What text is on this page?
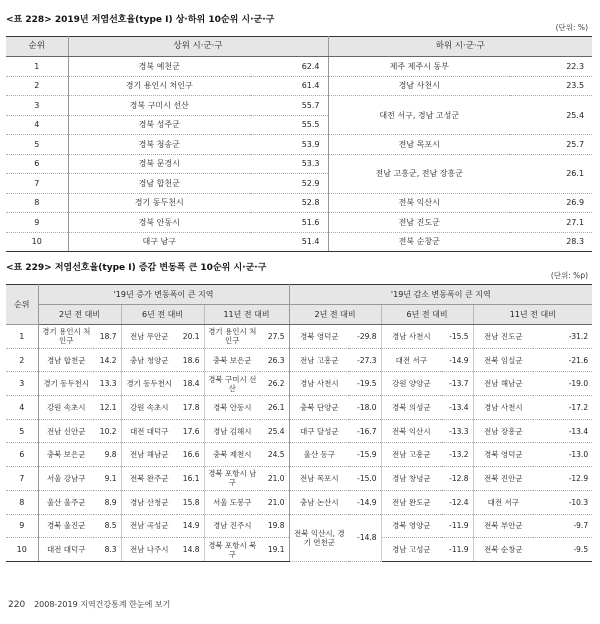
<표 228> 2019년 저염선호율(type Ⅰ) 상·하위 10순위 시·군·구
(단위: %)
순위	상위 시·군·구		하위 시·군·구	
1	경북 예천군	62.4	제주 제주시 동부	22.3
2	경기 용인시 처인구	61.4	경남 사천시	23.5
3	경북 구미시 선산	55.7	대전 서구, 경남 고성군	25.4
4	경북 성주군	55.5		
5	경북 청송군	53.9	전남 목포시	25.7
6	경북 문경시	53.3	전남 고흥군, 전남 장흥군	26.1
7	경남 합천군	52.9		
8	경기 동두천시	52.8	전북 익산시	26.9
9	경북 안동시	51.6	전남 진도군	27.1
10	대구 남구	51.4	전북 순창군	28.3
<표 229> 저염선호율(type Ⅰ) 증감 변동폭 큰 10순위 시·군·구
(단위: %p)
순위	'19년 증가 변동폭이 큰 지역						'19년 감소 변동폭이 큰 지역					
	2년 전 대비		6년 전 대비		11년 전 대비		2년 전 대비		6년 전 대비		11년 전 대비	
1	경기 용인시 처인구	18.7	전남 무안군	20.1	경기 용인시 처인구	27.5	경북 영덕군	-29.8	경남 사천시	-15.5	전남 진도군	-31.2
2	경남 합천군	14.2	충남 청양군	18.6	충북 보은군	26.3	전남 고흥군	-27.3	대전 서구	-14.9	전북 임실군	-21.6
3	경기 동두천시	13.3	경기 동두천시	18.4	경북 구미시 선산	26.2	경남 사천시	-19.5	강원 양양군	-13.7	전남 해남군	-19.0
4	강원 속초시	12.1	강원 속초시	17.8	경북 안동시	26.1	충북 단양군	-18.0	경북 의성군	-13.4	경남 사천시	-17.2
5	전남 신안군	10.2	대전 대덕구	17.6	경남 김해시	25.4	대구 달성군	-16.7	전북 익산시	-13.3	전남 장흥군	-13.4
6	충북 보은군	9.8	전남 해남군	16.6	충북 제천시	24.5	울산 동구	-15.9	전남 고흥군	-13.2	경북 영덕군	-13.0
7	서울 강남구	9.1	전북 완주군	16.1	경북 포항시 남구	21.0	전남 목포시	-15.0	경남 창녕군	-12.8	전북 진안군	-12.9
8	울산 울주군	8.9	경남 산청군	15.8	서울 도봉구	21.0	충남 논산시	-14.9	전남 완도군	-12.4	대전 서구	-10.3
9	경북 울진군	8.5	전남 곡성군	14.9	경남 진주시	19.8	전북 익산시, 경기 연천군	-14.8	경북 영양군	-11.9	전북 부안군	-9.7
10	대전 대덕구	8.3	전남 나주시	14.8	경북 포항시 북구	19.1			경남 고성군	-11.9	전북 순창군	-9.5
220 2008-2019 지역건강통계 한눈에 보기
